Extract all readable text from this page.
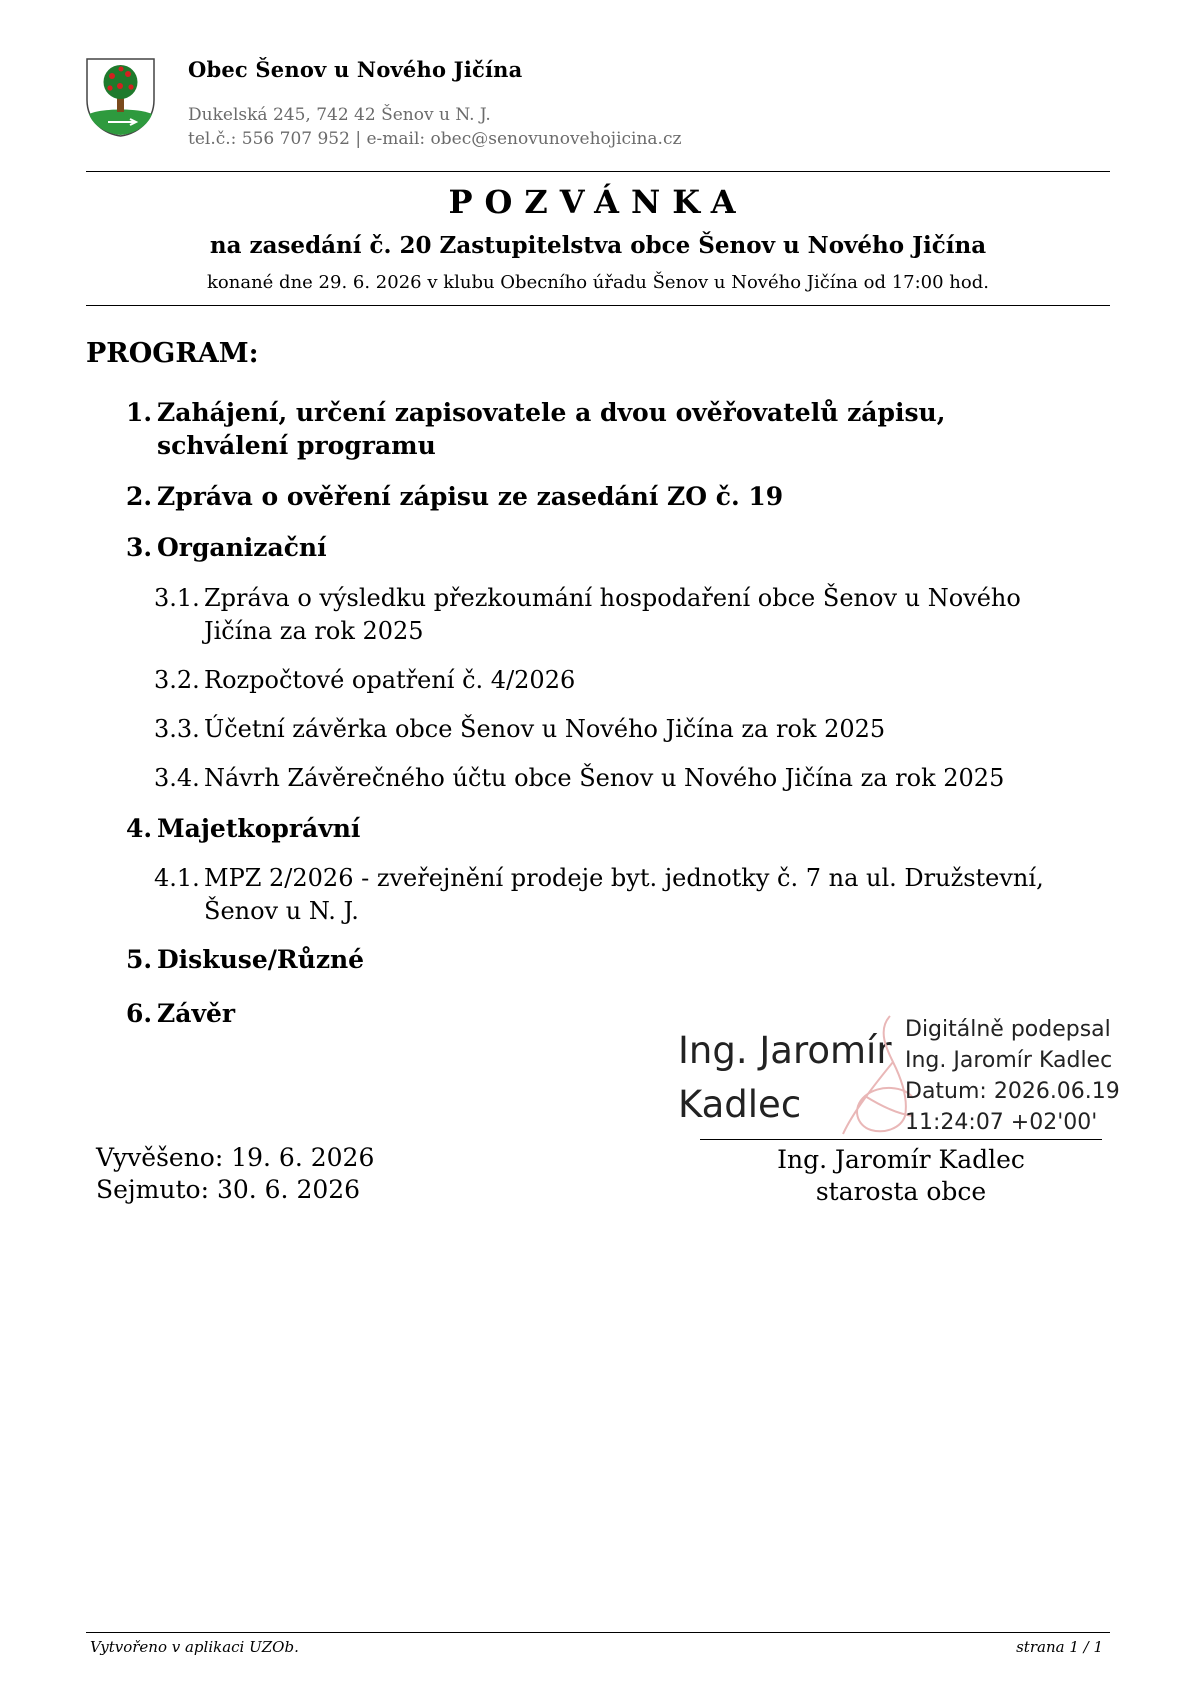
Obec Šenov u Nového Jičína
Dukelská 245, 742 42 Šenov u N. J.
tel.č.: 556 707 952 | e-mail: obec@senovunovehojicina.cz
POZVÁNKA
na zasedání č. 20 Zastupitelstva obce Šenov u Nového Jičína
konané dne 29. 6. 2026 v klubu Obecního úřadu Šenov u Nového Jičína od 17:00 hod.
PROGRAM:
1. Zahájení, určení zapisovatele a dvou ověřovatelů zápisu, schválení programu
2. Zpráva o ověření zápisu ze zasedání ZO č. 19
3. Organizační
3.1. Zpráva o výsledku přezkoumání hospodaření obce Šenov u Nového Jičína za rok 2025
3.2. Rozpočtové opatření č. 4/2026
3.3. Účetní závěrka obce Šenov u Nového Jičína za rok 2025
3.4. Návrh Závěrečného účtu obce Šenov u Nového Jičína za rok 2025
4. Majetkoprávní
4.1. MPZ 2/2026 - zveřejnění prodeje byt. jednotky č. 7 na ul. Družstevní, Šenov u N. J.
5. Diskuse/Různé
6. Závěr
Vyvěšeno: 19. 6. 2026
Sejmuto: 30. 6. 2026
Ing. Jaromír
Kadlec
Digitálně podepsal
Ing. Jaromír Kadlec
Datum: 2026.06.19
11:24:07 +02'00'
Ing. Jaromír Kadlec
starosta obce
Vytvořeno v aplikaci UZOb.	strana 1 / 1
